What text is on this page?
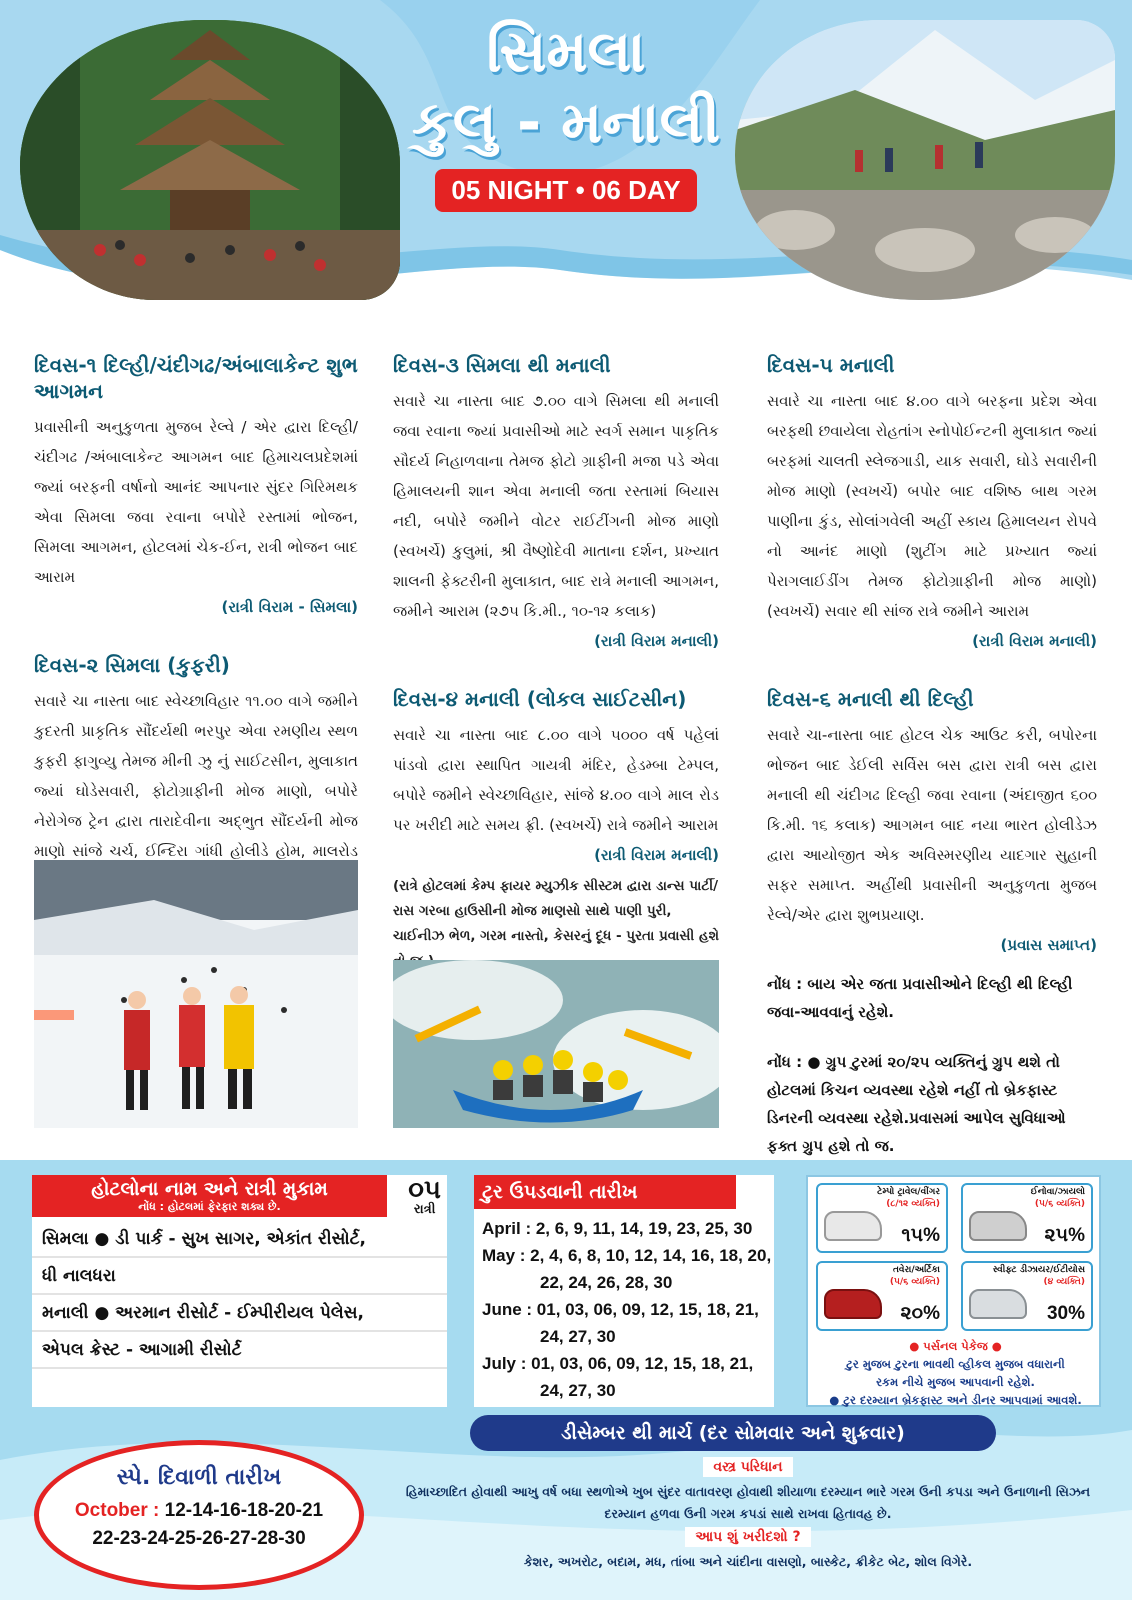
સિમલા
કુલુ - મનાલી
05 NIGHT • 06 DAY
દિવસ-૧ દિલ્હી/ચંદીગઢ/અંબાલાકેન્ટ શુભ આગમન
પ્રવાસીની અનુકુળતા મુજબ રેલ્વે / એર દ્વારા દિલ્હી/ ચંદીગઢ /અંબાલાકેન્ટ આગમન બાદ હિમાચલપ્રદેશમાં જ્યાં બરફની વર્ષાનો આનંદ આપનાર સુંદર ગિરિમથક એવા સિમલા જવા રવાના બપોરે રસ્તામાં ભોજન, સિમલા આગમન, હોટલમાં ચેક-ઈન, રાત્રી ભોજન બાદ આરામ
(રાત્રી વિરામ - સિમલા)
દિવસ-૨ સિમલા (કુફરી)
સવારે ચા નાસ્તા બાદ સ્વેચ્છાવિહાર ૧૧.૦૦ વાગે જમીને કુદરતી પ્રાકૃતિક સૌંદર્યથી ભરપુર એવા રમણીય સ્થળ કુફરી ફાગુવ્યુ તેમજ મીની ઝુ નું સાઈટસીન, મુલાકાત જ્યાં ઘોડેસવારી, ફોટોગ્રાફીની મોજ માણો, બપોરે નેરોગેજ ટ્રેન દ્વારા તારાદેવીના અદ્ભુત સૌંદર્યની મોજ માણો સાંજે ચર્ચ, ઈન્દિરા ગાંધી હોલીડે હોમ, માલરોડ
દિવસ-૩ સિમલા થી મનાલી
સવારે ચા નાસ્તા બાદ ૭.૦૦ વાગે સિમલા થી મનાલી જવા રવાના જ્યાં પ્રવાસીઓ માટે સ્વર્ગ સમાન પાકૃતિક સૌદર્ય નિહાળવાના તેમજ ફોટો ગ્રાફીની મજા પડે એવા હિમાલયની શાન એવા મનાલી જતા રસ્તામાં બિયાસ નદી, બપોરે જમીને વોટર રાઈટીંગની મોજ માણો (સ્વખર્ચે) કુલુમાં, શ્રી વૈષ્ણોદેવી માતાના દર્શન, પ્રખ્યાત શાલની ફેક્ટરીની મુલાકાત, બાદ રાત્રે મનાલી આગમન, જમીને આરામ (૨૭૫ કિ.મી., ૧૦-૧૨ કલાક)
(રાત્રી વિરામ મનાલી)
દિવસ-૪ મનાલી (લોકલ સાઈટસીન)
સવારે ચા નાસ્તા બાદ ૮.૦૦ વાગે ૫૦૦૦ વર્ષ પહેલાં પાંડવો દ્વારા સ્થાપિત ગાયત્રી મંદિર, હેડમ્બા ટેમ્પલ, બપોરે જમીને સ્વેચ્છાવિહાર, સાંજે ૪.૦૦ વાગે માલ રોડ પર ખરીદી માટે સમય ફ્રી. (સ્વખર્ચે) રાત્રે જમીને આરામ
(રાત્રી વિરામ મનાલી)
(રાત્રે હોટલમાં કેમ્પ ફાયર મ્યુઝીક સીસ્ટમ દ્વારા ડાન્સ પાર્ટી/ રાસ ગરબા હાઉસીની મોજ માણસો સાથે પાણી પુરી, ચાઈનીઝ ભેળ, ગરમ નાસ્તો, કેસરનું દૂધ - પુરતા પ્રવાસી હશે
દિવસ-૫ મનાલી
સવારે ચા નાસ્તા બાદ ૪.૦૦ વાગે બરફના પ્રદેશ એવા બરફથી છવાયેલા રોહતાંગ સ્નોપોઈન્ટની મુલાકાત જ્યાં બરફમાં ચાલતી સ્લેજગાડી, યાક સવારી, ઘોડે સવારીની મોજ માણો (સ્વખર્ચે) બપોર બાદ વશિષ્ઠ બાથ ગરમ પાણીના કુંડ, સોલાંગવેલી અહીં સ્કાય હિમાલયન રોપવે નો આનંદ માણો (શુટીંગ માટે પ્રખ્યાત જ્યાં પેરાગલાઈડીંગ તેમજ ફોટોગ્રાફીની મોજ માણો) (સ્વખર્ચે) સવાર થી સાંજ રાત્રે જમીને આરામ
(રાત્રી વિરામ મનાલી)
દિવસ-૬ મનાલી થી દિલ્હી
સવારે ચા-નાસ્તા બાદ હોટલ ચેક આઉટ કરી, બપોરના ભોજન બાદ ડેઈલી સર્વિસ બસ દ્વારા રાત્રી બસ દ્વારા મનાલી થી ચંદીગઢ દિલ્હી જવા રવાના (અંદાજીત ૬૦૦ કિ.મી. ૧૬ કલાક) આગમન બાદ નયા ભારત હોલીડેઝ દ્વારા આયોજીત એક અવિસ્મરણીય યાદગાર સુહાની સફર સમાપ્ત. અહીંથી પ્રવાસીની અનુકુળતા મુજબ રેલ્વે/એર દ્વારા શુભપ્રયાણ.
(પ્રવાસ સમાપ્ત)
નોંધ : બાય એર જતા પ્રવાસીઓને દિલ્હી થી દિલ્હી જવા-આવવાનું રહેશે.
નોંધ : ● ગ્રુપ ટુરમાં ૨૦/૨૫ વ્યક્તિનું ગ્રુપ થશે તો હોટલમાં કિચન વ્યવસ્થા રહેશે નહીં તો બ્રેકફાસ્ટ ડિનરની વ્યવસ્થા રહેશે.પ્રવાસમાં આપેલ સુવિધાઓ ફક્ત ગ્રુપ હશે તો જ.
હોટલોના નામ અને રાત્રી મુકામ
નોંધ : હોટલમાં ફેરફાર શક્ય છે.
૦૫
રાત્રી
સિમલા ● ડી પાર્ક - સુખ સાગર, એકાંત રીસોર્ટ,
ધી નાલધરા
મનાલી ● અરમાન રીસોર્ટ - ઈમ્પીરીયલ પેલેસ,
એપલ ક્રેસ્ટ - આગામી રીસોર્ટ
ટુર ઉપડવાની તારીખ
April : 2, 6, 9, 11, 14, 19, 23, 25, 30
May : 2, 4, 6, 8, 10, 12, 14, 16, 18, 20, 22, 24, 26, 28, 30
June : 01, 03, 06, 09, 12, 15, 18, 21, 24, 27, 30
July : 01, 03, 06, 09, 12, 15, 18, 21, 24, 27, 30
ટેમ્પો ટ્રાવેલ/વીંગર
(૮/૧૨ વ્યક્તિ)
૧૫%
ઈનોવા/ઝાયલો
(૫/૬ વ્યક્તિ)
૨૫%
તવેરા/અર્ટિકા
(૫/૬ વ્યક્તિ)
૨૦%
સ્વીફ્ટ ડીઝાયર/ઈટીયોસ
(૪ વ્યક્તિ)
30%
● પર્સનલ પેકેજ ●
ટુર મુજબ ટુરના ભાવથી વ્હીકલ મુજબ વધારાની
રકમ નીચે મુજબ આપવાની રહેશે.
● ટુર દરમ્યાન બ્રેકફાસ્ટ અને ડીનર આપવામાં આવશે.
ડીસેમ્બર થી માર્ચ (દર સોમવાર અને શુક્રવાર)
વસ્ત્ર પરિધાન
હિમાચ્છાદિત હોવાથી આખુ વર્ષ બધા સ્થળોએ ખુબ સુંદર વાતાવરણ હોવાથી શીયાળા દરમ્યાન ભારે ગરમ ઉની કપડા અને ઉનાળાની સિઝન દરમ્યાન હળવા ઉની ગરમ કપડાં સાથે રાખવા હિતાવહ છે.
આપ શું ખરીદશો ?
કેશર, અખરોટ, બદામ, મધ, તાંબા અને ચાંદીના વાસણો, બાસ્કેટ, ક્રીકેટ બેટ, શોલ વિગેરે.
સ્પે. દિવાળી તારીખ
October : 12-14-16-18-20-21
22-23-24-25-26-27-28-30
